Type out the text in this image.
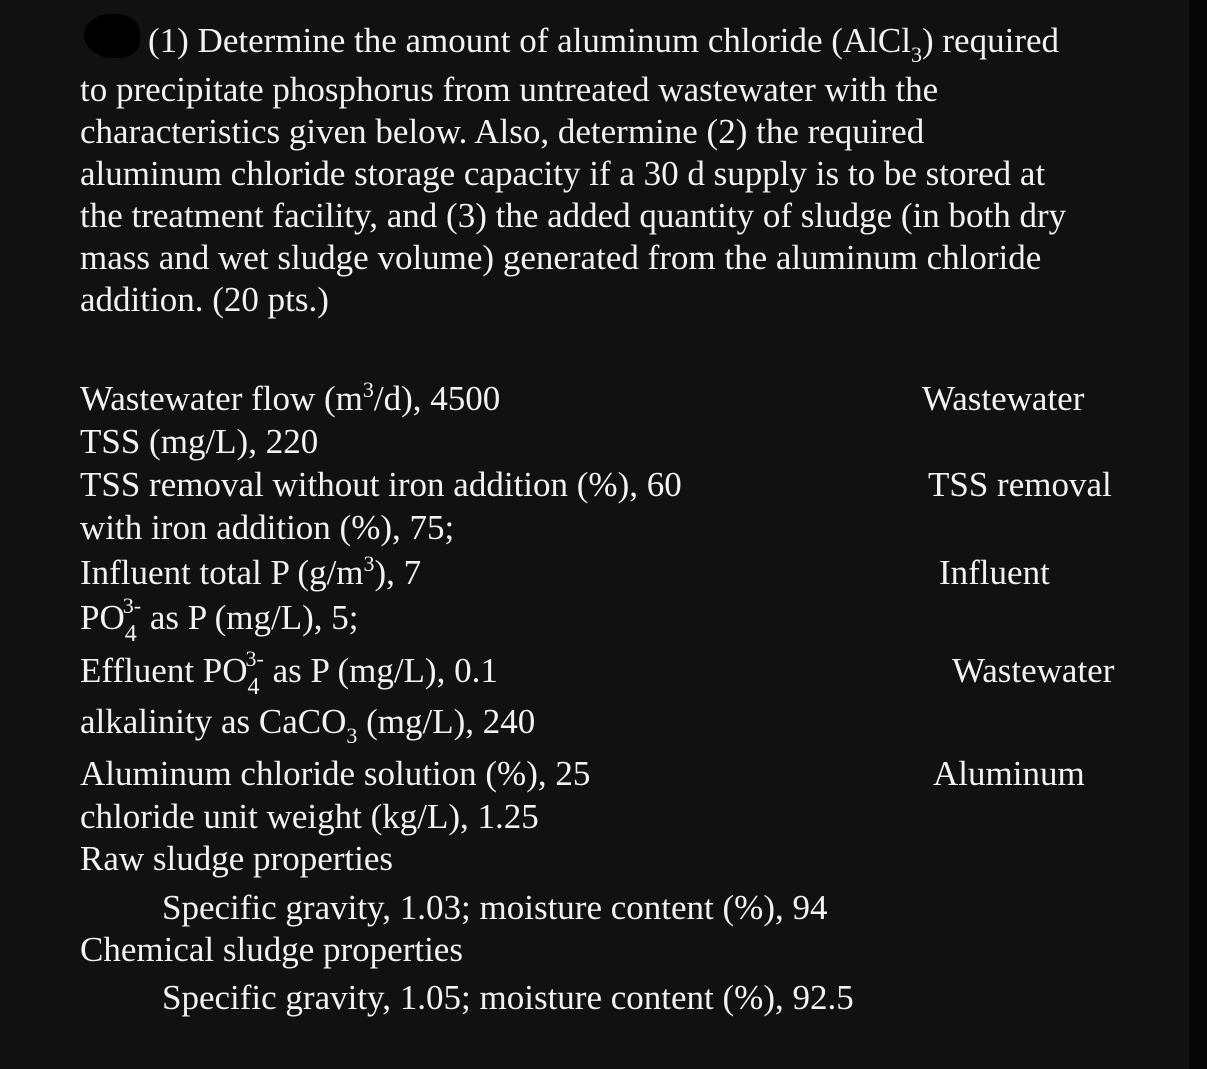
(1) Determine the amount of aluminum chloride (AlCl$_3$) required

to precipitate phosphorus from untreated wastewater with the

characteristics given below. Also, determine (2) the required

aluminum chloride storage capacity if a 30 d supply is to be stored at

the treatment facility, and (3) the added quantity of sludge (in both dry

mass and wet sludge volume) generated from the aluminum chloride

addition. (20 pts.)

Wastewater flow $(m^3/d)$, 4500
TSS (mg/L), 220
TSS removal without iron addition (%), 60
with iron addition (%), 75;
Influent total P $(g/m^3)$, 7
$PO_4^{3-}$ as P (mg/L), 5;
Effluent $PO_4^{3-}$ as P (mg/L), 0.1
alkalinity as CaCO$_3$ (mg/L), 240
Aluminum chloride solution (%), 25
chloride unit weight (kg/L), 1.25
Raw sludge properties
Specific gravity, 1.03; moisture content (%), 94
Chemical sludge properties
Specific gravity, 1.05; moisture content (%), 92.5
Wastewater
TSS removal
Influent
Wastewater
Aluminum
